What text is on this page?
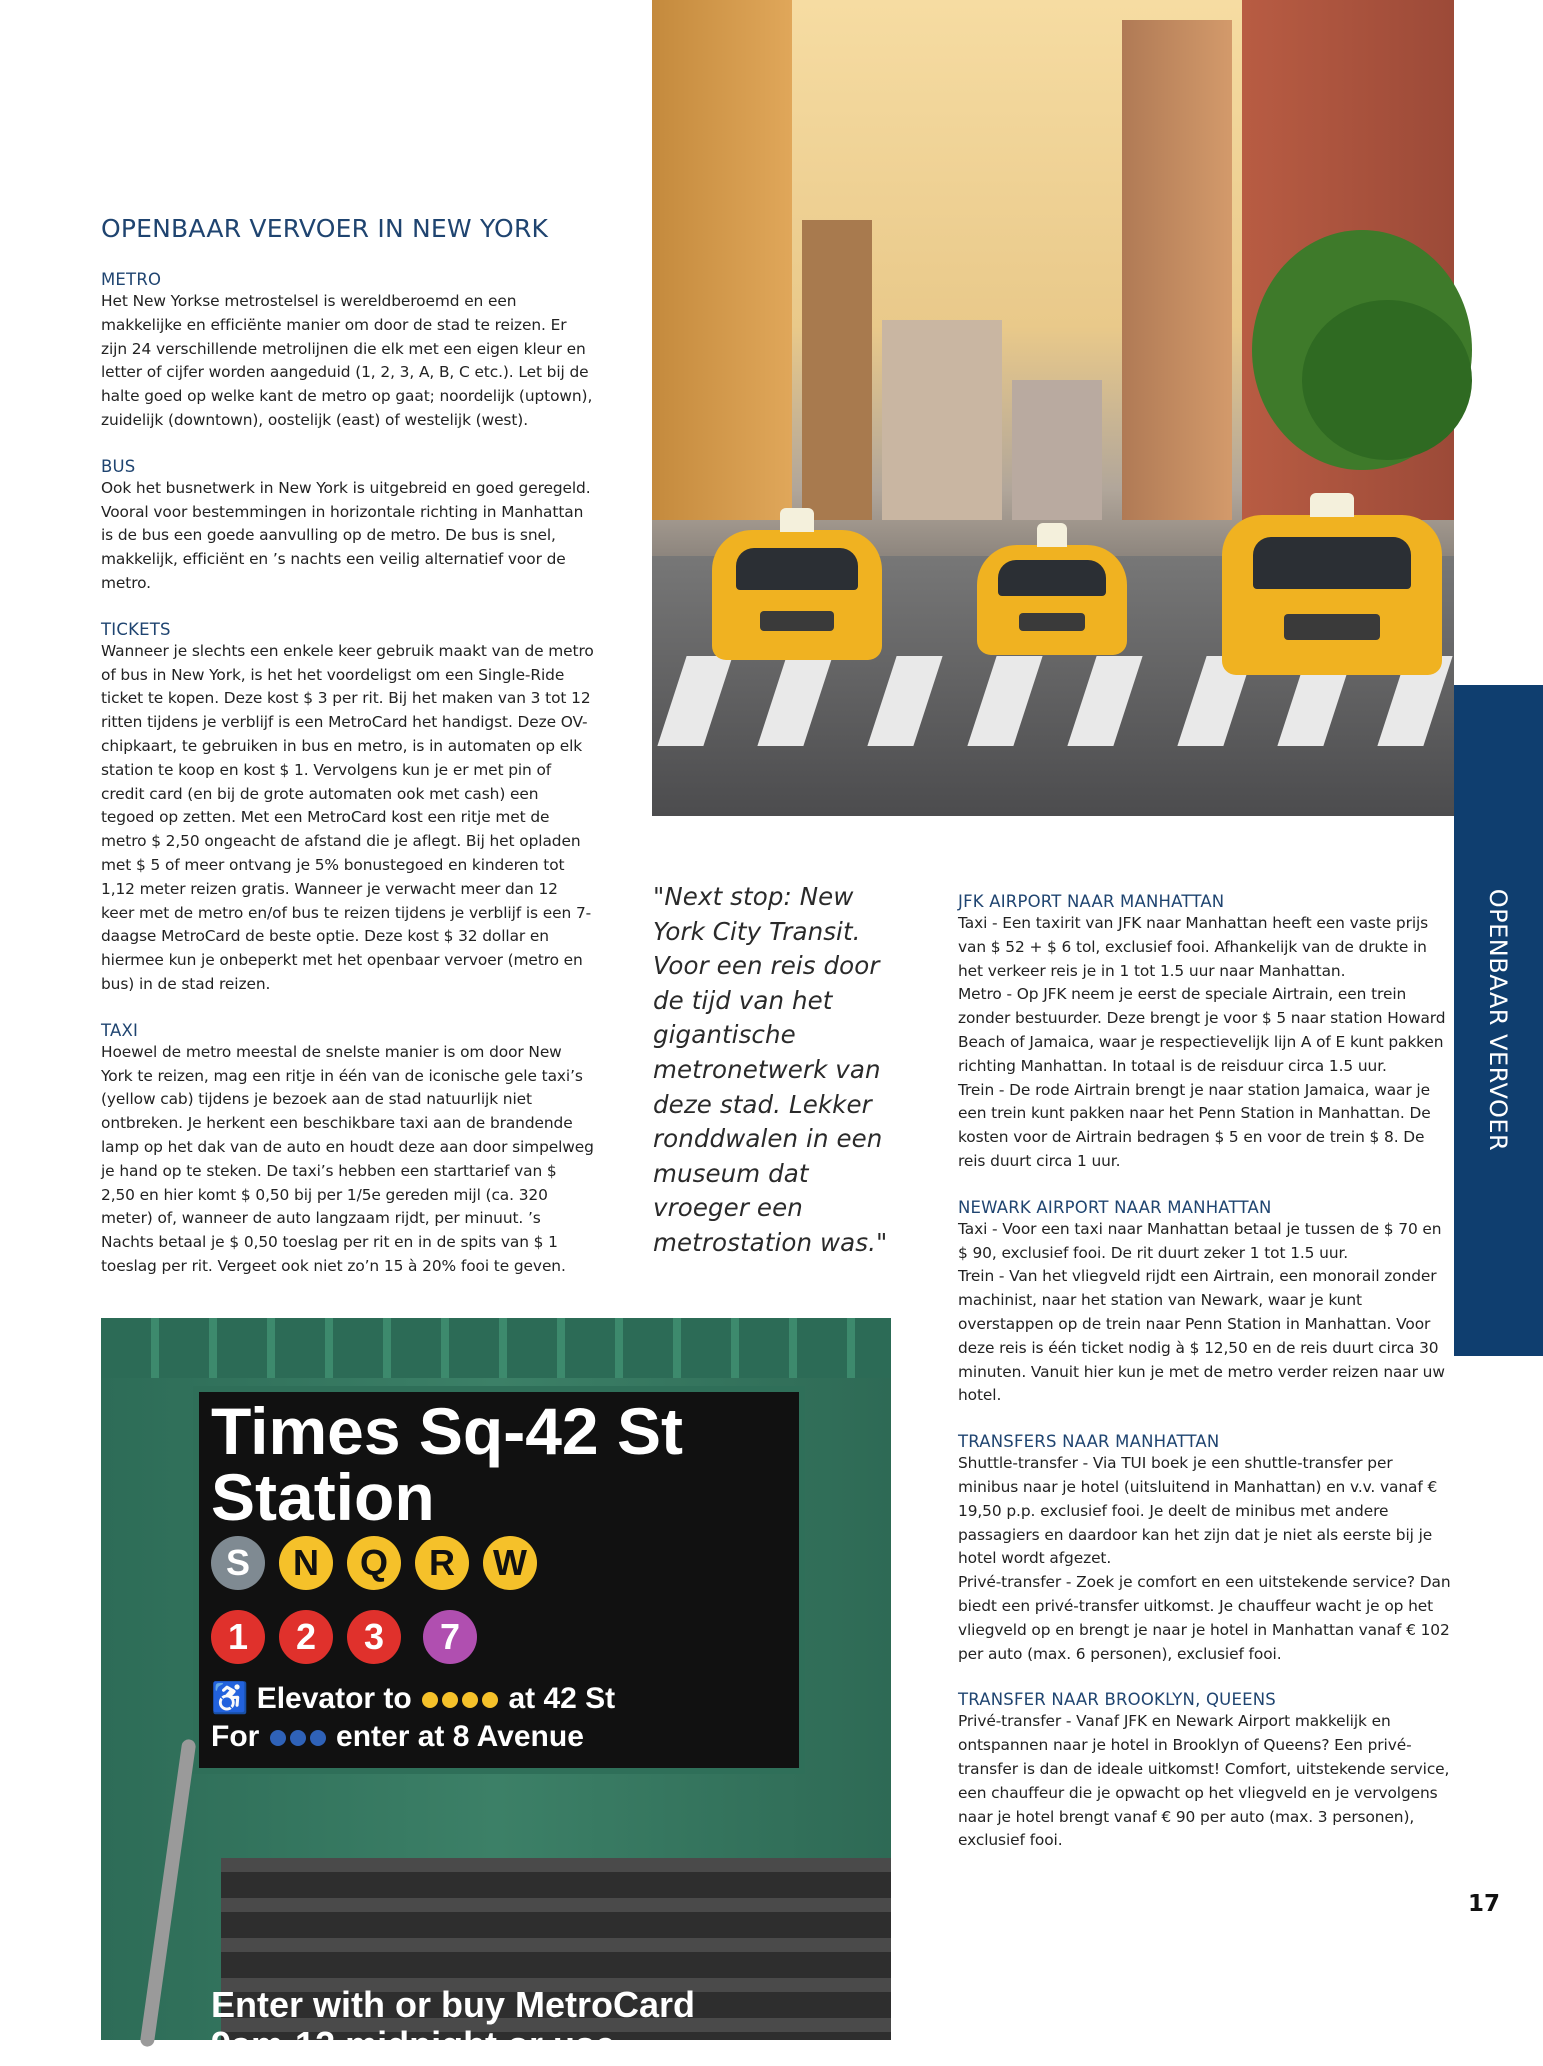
OPENBAAR VERVOER
OPENBAAR VERVOER IN NEW YORK
METRO

Het New Yorkse metrostelsel is wereldberoemd en een makkelijke en efficiënte manier om door de stad te reizen. Er zijn 24 verschillende metrolijnen die elk met een eigen kleur en letter of cijfer worden aangeduid (1, 2, 3, A, B, C etc.). Let bij de halte goed op welke kant de metro op gaat; noordelijk (uptown), zuidelijk (downtown), oostelijk (east) of westelijk (west).

BUS

Ook het busnetwerk in New York is uitgebreid en goed geregeld. Vooral voor bestemmingen in horizontale richting in Manhattan is de bus een goede aanvulling op de metro. De bus is snel, makkelijk, efficiënt en ’s nachts een veilig alternatief voor de metro.

TICKETS

Wanneer je slechts een enkele keer gebruik maakt van de metro of bus in New York, is het het voordeligst om een Single-Ride ticket te kopen. Deze kost $ 3 per rit. Bij het maken van 3 tot 12 ritten tijdens je verblijf is een MetroCard het handigst. Deze OV-chipkaart, te gebruiken in bus en metro, is in automaten op elk station te koop en kost $ 1. Vervolgens kun je er met pin of credit card (en bij de grote automaten ook met cash) een tegoed op zetten. Met een MetroCard kost een ritje met de metro $ 2,50 ongeacht de afstand die je aflegt. Bij het opladen met $ 5 of meer ontvang je 5% bonustegoed en kinderen tot 1,12 meter reizen gratis. Wanneer je verwacht meer dan 12 keer met de metro en/of bus te reizen tijdens je verblijf is een 7-daagse MetroCard de beste optie. Deze kost $ 32 dollar en hiermee kun je onbeperkt met het openbaar vervoer (metro en bus) in de stad reizen.

TAXI

Hoewel de metro meestal de snelste manier is om door New York te reizen, mag een ritje in één van de iconische gele taxi’s (yellow cab) tijdens je bezoek aan de stad natuurlijk niet ontbreken. Je herkent een beschikbare taxi aan de brandende lamp op het dak van de auto en houdt deze aan door simpelweg je hand op te steken. De taxi’s hebben een starttarief van $ 2,50 en hier komt $ 0,50 bij per 1/5e gereden mijl (ca. 320 meter) of, wanneer de auto langzaam rijdt, per minuut. ’s Nachts betaal je $ 0,50 toeslag per rit en in de spits van $ 1 toeslag per rit. Vergeet ook niet zo’n 15 à 20% fooi te geven.

"Next stop: New York City Transit. Voor een reis door de tijd van het gigantische metronetwerk van deze stad. Lekker ronddwalen in een museum dat vroeger een metrostation was."

JFK AIRPORT NAAR MANHATTAN

Taxi - Een taxirit van JFK naar Manhattan heeft een vaste prijs van $ 52 + $ 6 tol, exclusief fooi. Afhankelijk van de drukte in het verkeer reis je in 1 tot 1.5 uur naar Manhattan.
Metro - Op JFK neem je eerst de speciale Airtrain, een trein zonder bestuurder. Deze brengt je voor $ 5 naar station Howard Beach of Jamaica, waar je respectievelijk lijn A of E kunt pakken richting Manhattan. In totaal is de reisduur circa 1.5 uur.
Trein - De rode Airtrain brengt je naar station Jamaica, waar je een trein kunt pakken naar het Penn Station in Manhattan. De kosten voor de Airtrain bedragen $ 5 en voor de trein $ 8. De reis duurt circa 1 uur.

NEWARK AIRPORT NAAR MANHATTAN

Taxi - Voor een taxi naar Manhattan betaal je tussen de $ 70 en $ 90, exclusief fooi. De rit duurt zeker 1 tot 1.5 uur.
Trein - Van het vliegveld rijdt een Airtrain, een monorail zonder machinist, naar het station van Newark, waar je kunt overstappen op de trein naar Penn Station in Manhattan. Voor deze reis is één ticket nodig à $ 12,50 en de reis duurt circa 30 minuten. Vanuit hier kun je met de metro verder reizen naar uw hotel.

TRANSFERS NAAR MANHATTAN

Shuttle-transfer - Via TUI boek je een shuttle-transfer per minibus naar je hotel (uitsluitend in Manhattan) en v.v. vanaf € 19,50 p.p. exclusief fooi. Je deelt de minibus met andere passagiers en daardoor kan het zijn dat je niet als eerste bij je hotel wordt afgezet.
Privé-transfer - Zoek je comfort en een uitstekende service? Dan biedt een privé-transfer uitkomst. Je chauffeur wacht je op het vliegveld op en brengt je naar je hotel in Manhattan vanaf € 102 per auto (max. 6 personen), exclusief fooi.

TRANSFER NAAR BROOKLYN, QUEENS

Privé-transfer - Vanaf JFK en Newark Airport makkelijk en ontspannen naar je hotel in Brooklyn of Queens? Een privé-transfer is dan de ideale uitkomst! Comfort, uitstekende service, een chauffeur die je opwacht op het vliegveld en je vervolgens naar je hotel brengt vanaf € 90 per auto (max. 3 personen), exclusief fooi.

Times Sq-42 St
Station
S	N	Q	R	W
1	2	3	7
♿ Elevator to	at 42 St
For	enter at 8 Avenue
Enter with or buy MetroCard
9am-12 midnight or use
17
